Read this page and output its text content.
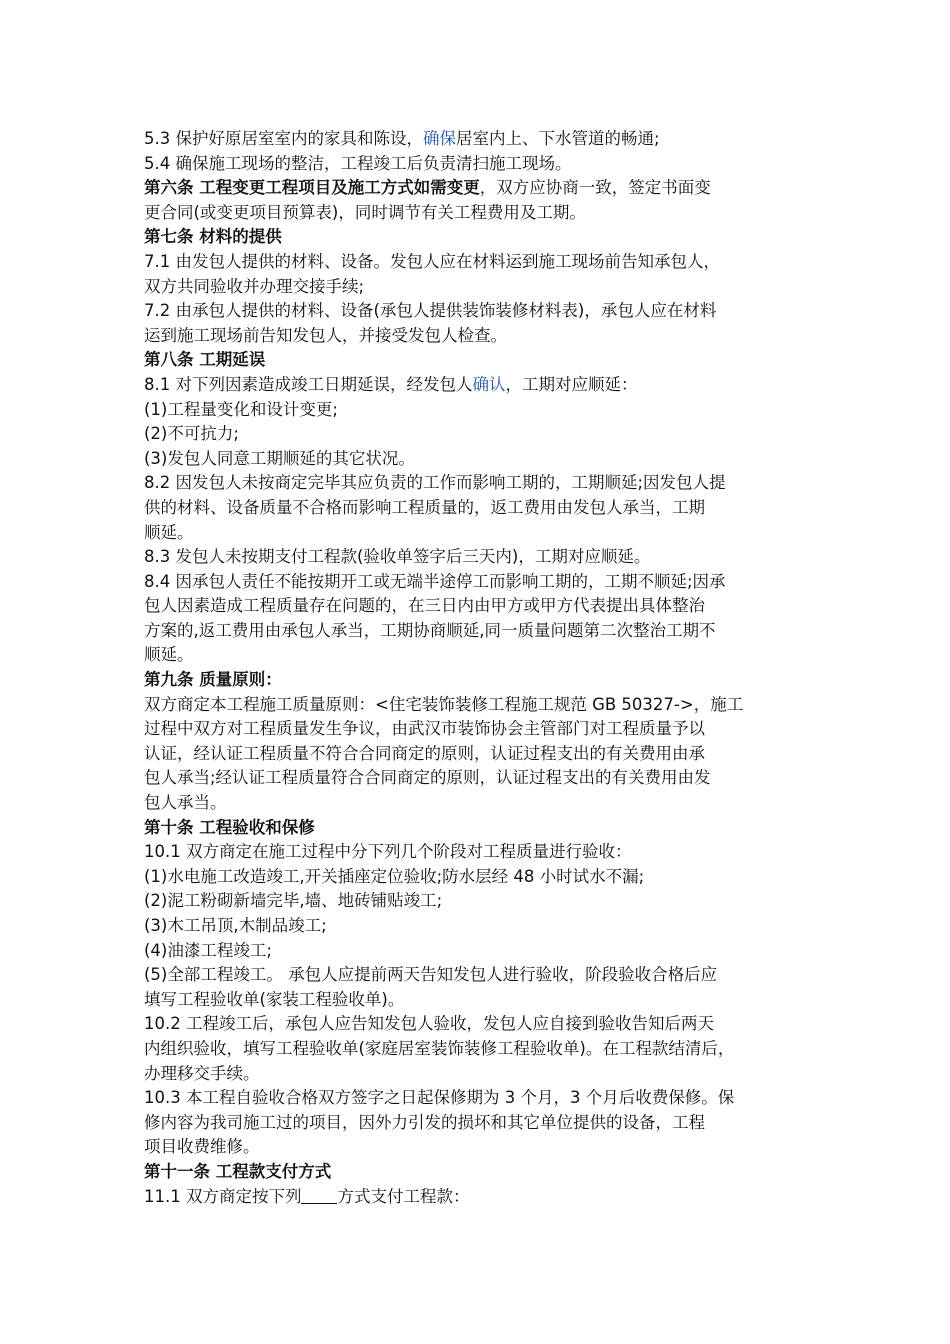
5.3 保护好原居室室内的家具和陈设，确保居室内上、下水管道的畅通;
5.4 确保施工现场的整洁，工程竣工后负责清扫施工现场。
第六条 工程变更工程项目及施工方式如需变更，双方应协商一致，签定书面变
更合同(或变更项目预算表)，同时调节有关工程费用及工期。
第七条 材料的提供
7.1 由发包人提供的材料、设备。发包人应在材料运到施工现场前告知承包人，
双方共同验收并办理交接手续;
7.2 由承包人提供的材料、设备(承包人提供装饰装修材料表)，承包人应在材料
运到施工现场前告知发包人，并接受发包人检查。
第八条 工期延误
8.1 对下列因素造成竣工日期延误，经发包人确认，工期对应顺延：
(1)工程量变化和设计变更;
(2)不可抗力;
(3)发包人同意工期顺延的其它状况。
8.2 因发包人未按商定完毕其应负责的工作而影响工期的，工期顺延;因发包人提
供的材料、设备质量不合格而影响工程质量的，返工费用由发包人承当，工期
顺延。
8.3 发包人未按期支付工程款(验收单签字后三天内)，工期对应顺延。
8.4 因承包人责任不能按期开工或无端半途停工而影响工期的，工期不顺延;因承
包人因素造成工程质量存在问题的，在三日内由甲方或甲方代表提出具体整治
方案的,返工费用由承包人承当，工期协商顺延,同一质量问题第二次整治工期不
顺延。
第九条 质量原则：
双方商定本工程施工质量原则：<住宅装饰装修工程施工规范 GB 50327->，施工
过程中双方对工程质量发生争议，由武汉市装饰协会主管部门对工程质量予以
认证，经认证工程质量不符合合同商定的原则，认证过程支出的有关费用由承
包人承当;经认证工程质量符合合同商定的原则，认证过程支出的有关费用由发
包人承当。
第十条 工程验收和保修
10.1 双方商定在施工过程中分下列几个阶段对工程质量进行验收：
(1)水电施工改造竣工,开关插座定位验收;防水层经 48 小时试水不漏;
(2)泥工粉砌新墙完毕,墙、地砖铺贴竣工;
(3)木工吊顶,木制品竣工;
(4)油漆工程竣工;
(5)全部工程竣工。 承包人应提前两天告知发包人进行验收，阶段验收合格后应
填写工程验收单(家装工程验收单)。
10.2 工程竣工后，承包人应告知发包人验收，发包人应自接到验收告知后两天
内组织验收，填写工程验收单(家庭居室装饰装修工程验收单)。在工程款结清后，
办理移交手续。
10.3 本工程自验收合格双方签字之日起保修期为 3 个月，3 个月后收费保修。保
修内容为我司施工过的项目，因外力引发的损坏和其它单位提供的设备，工程
项目收费维修。
第十一条 工程款支付方式
11.1 双方商定按下列 方式支付工程款：
